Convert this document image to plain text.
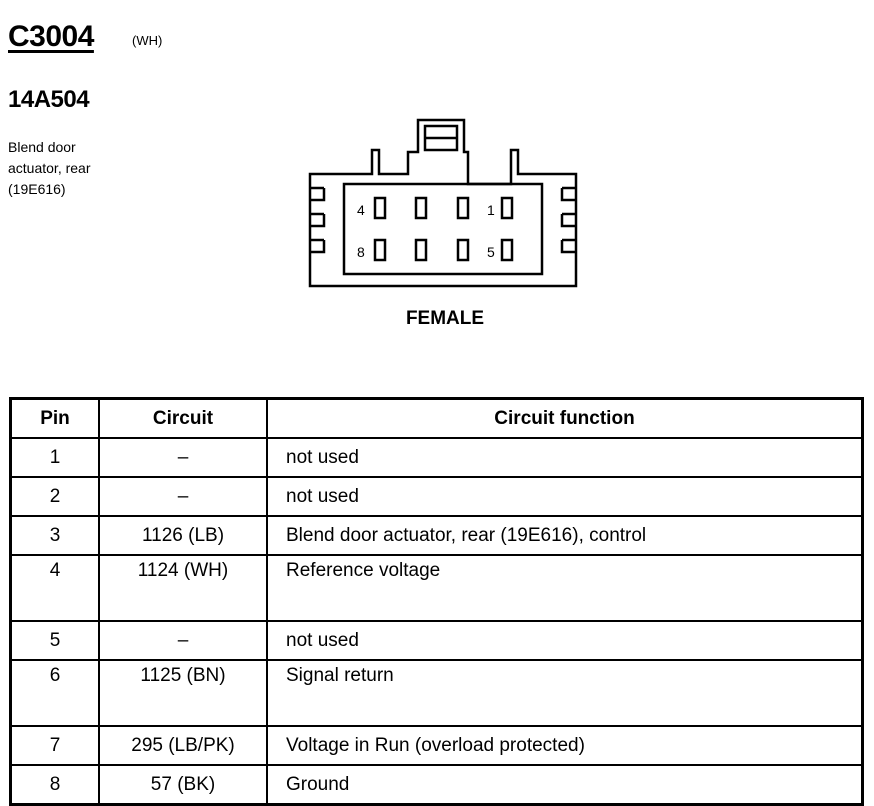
C3004	(WH)
14A504
Blend door actuator, rear (19E616)
4	1
8	5
FEMALE
Pin	Circuit	Circuit function
1	–	not used
2	–	not used
3	1126 (LB)	Blend door actuator, rear (19E616), control
4	1124 (WH)	Reference voltage
5	–	not used
6	1125 (BN)	Signal return
7	295 (LB/PK)	Voltage in Run (overload protected)
8	57 (BK)	Ground
